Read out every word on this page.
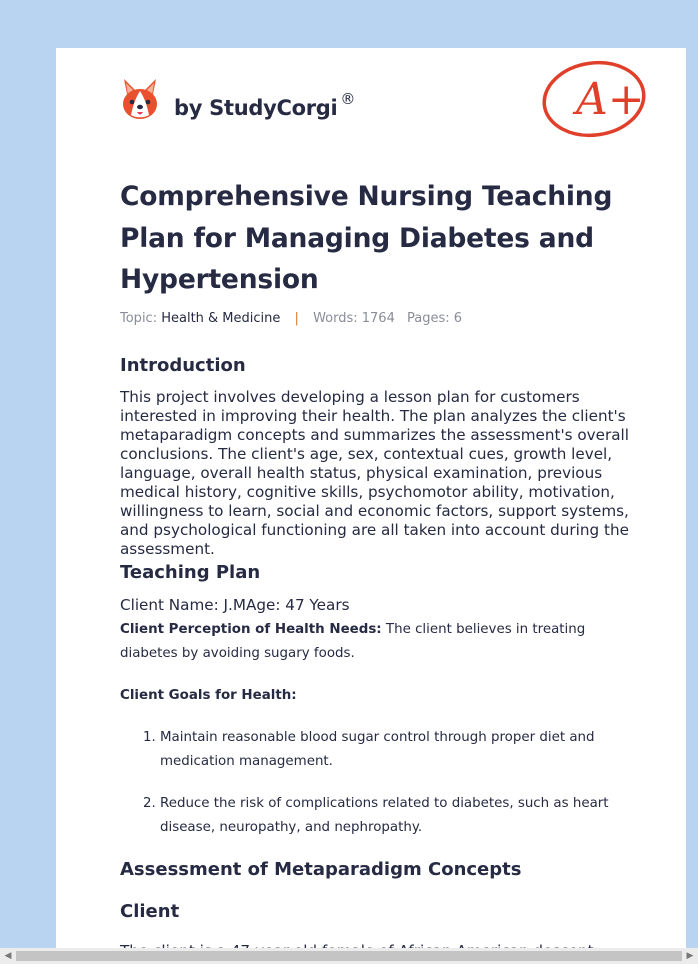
by StudyCorgi ®	A+
Comprehensive Nursing Teaching Plan for Managing Diabetes and Hypertension
Topic: Health & Medicine | Words: 1764 Pages: 6
Introduction

This project involves developing a lesson plan for customers interested in improving their health. The plan analyzes the client's metaparadigm concepts and summarizes the assessment's overall conclusions. The client's age, sex, contextual cues, growth level, language, overall health status, physical examination, previous medical history, cognitive skills, psychomotor ability, motivation, willingness to learn, social and economic factors, support systems, and psychological functioning are all taken into account during the assessment.

Teaching Plan

Client Name: J.MAge: 47 Years

Client Perception of Health Needs: The client believes in treating diabetes by avoiding sugary foods.

Client Goals for Health:

1. Maintain reasonable blood sugar control through proper diet and medication management.
2. Reduce the risk of complications related to diabetes, such as heart disease, neuropathy, and nephropathy.
Assessment of Metaparadigm Concepts
Client

◀	▶
